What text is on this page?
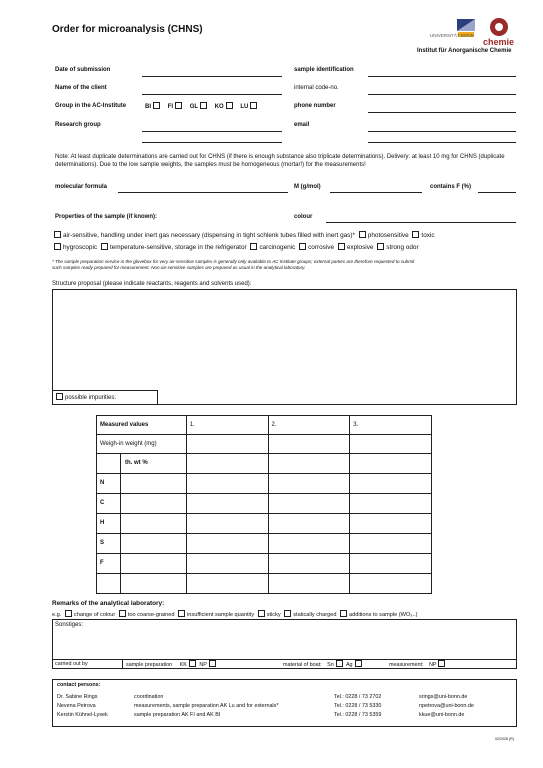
Order for microanalysis (CHNS)
UNIVERSITÄT BONN
chemie
Institut für Anorganische Chemie
Date of submission	sample identification
Name of the client	internal code-no.
Group in the AC-Institute	BI	FI	GL	KO	LU	phone number
Research group	email
Note: At least duplicate determinations are carried out for CHNS (if there is enough substance also triplicate determinations). Delivery: at least 10 mg for CHNS (duplicate determinations). Due to the low sample weights, the samples must be homogeneous (mortar!) for the measurements!
molecular formula	M (g/mol)	contains F (%)
Properties of the sample (if known):	colour
air-sensitive, handling under inert gas necessary (dispensing in tight schlenk tubes filled with inert gas)* photosensitive toxic
hygroscopic temperature-sensitive, storage in the refrigerator carcinogenic corrosive explosive strong odor
* The sample preparation service in the glovebox for very air-sensitive samples is generally only available to AC Institute groups; external parties are therefore requested to submit
such samples ready prepared for measurement. Non-air-sensitive samples are prepared as usual in the analytical laboratory.
Structure proposal (please indicate reactants, reagents and solvents used):
possible impurities:
Measured values	1.	2.	3.
Weigh-in weight (mg)			

th. wt %			

N			

C			

H			

S			

F			

Remarks of the analytical laboratory:
e.g. change of colour too coarse-grained insufficient sample quantity sticky statically charged additions to sample (WO₃..)
Sonstiges:
carried out by	sample preparation KK NP	material of boat: Sn Ag	measurement: NP
contact persons:
Dr. Sabine Rings	coordination	Tel.: 0228 / 73 2702	srings@uni-bonn.de
Nevena Petrova	measurements, sample preparation AK Lu and for externals*	Tel.: 0228 / 73 5330	npetrova@uni-bonn.de
Kerstin Kühnel-Lysek	sample preparation AK FI and AK BI	Tel.: 0228 / 73 5359	kkue@uni-bonn.de
02/2026 (R)
